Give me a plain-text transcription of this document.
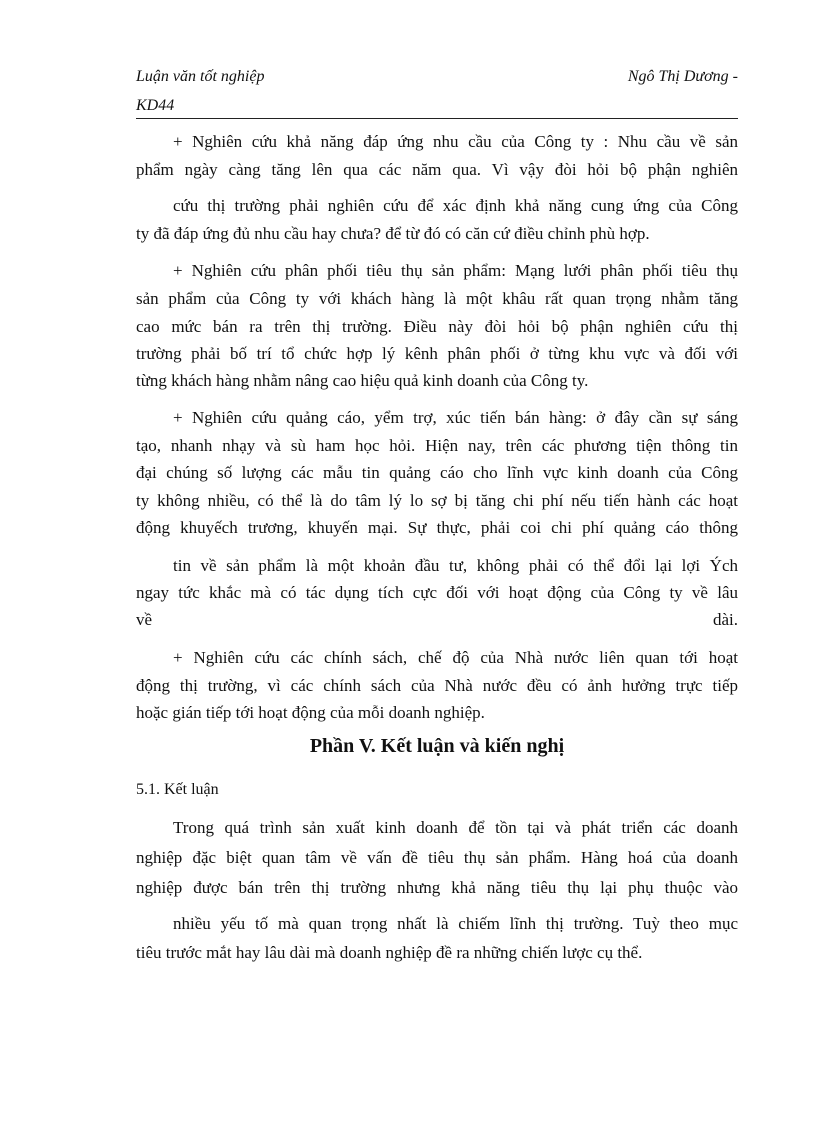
Luận văn tốt nghiệp	Ngô Thị Dương -
KD44
+ Nghiên cứu khả năng đáp ứng nhu cầu của Công ty : Nhu cầu về sản
phẩm ngày càng tăng lên qua các năm qua. Vì vậy đòi hỏi bộ phận nghiên
cứu thị trường phải nghiên cứu để xác định khả năng cung ứng của Công
ty đã đáp ứng đủ nhu cầu hay chưa? để từ đó có căn cứ điều chỉnh phù hợp.
+ Nghiên cứu phân phối tiêu thụ sản phẩm: Mạng lưới phân phối tiêu thụ
sản phẩm của Công ty với khách hàng là một khâu rất quan trọng nhằm tăng
cao mức bán ra trên thị trường. Điều này đòi hỏi bộ phận nghiên cứu thị
trường phải bố trí tổ chức hợp lý kênh phân phối ở từng khu vực và đối với
từng khách hàng nhằm nâng cao hiệu quả kinh doanh của Công ty.
+ Nghiên cứu quảng cáo, yểm trợ, xúc tiến bán hàng: ở đây cần sự sáng
tạo, nhanh nhạy và sù ham học hỏi. Hiện nay, trên các phương tiện thông tin
đại chúng số lượng các mẫu tin quảng cáo cho lĩnh vực kinh doanh của Công
ty không nhiều, có thể là do tâm lý lo sợ bị tăng chi phí nếu tiến hành các hoạt
động khuyếch trương, khuyến mại. Sự thực, phải coi chi phí quảng cáo thông
tin về sản phẩm là một khoản đầu tư, không phải có thể đổi lại lợi Ých
ngay tức khắc mà có tác dụng tích cực đối với hoạt động của Công ty về lâu
về	dài.
+ Nghiên cứu các chính sách, chế độ của Nhà nước liên quan tới hoạt
động thị trường, vì các chính sách của Nhà nước đều có ảnh hưởng trực tiếp
hoặc gián tiếp tới hoạt động của mỗi doanh nghiệp.
Phần V. Kết luận và kiến nghị
5.1. Kết luận
Trong quá trình sản xuất kinh doanh để tồn tại và phát triển các doanh
nghiệp đặc biệt quan tâm về vấn đề tiêu thụ sản phẩm. Hàng hoá của doanh
nghiệp được bán trên thị trường nhưng khả năng tiêu thụ lại phụ thuộc vào
nhiều yếu tố mà quan trọng nhất là chiếm lĩnh thị trường. Tuỳ theo mục
tiêu trước mắt hay lâu dài mà doanh nghiệp đề ra những chiến lược cụ thể.
